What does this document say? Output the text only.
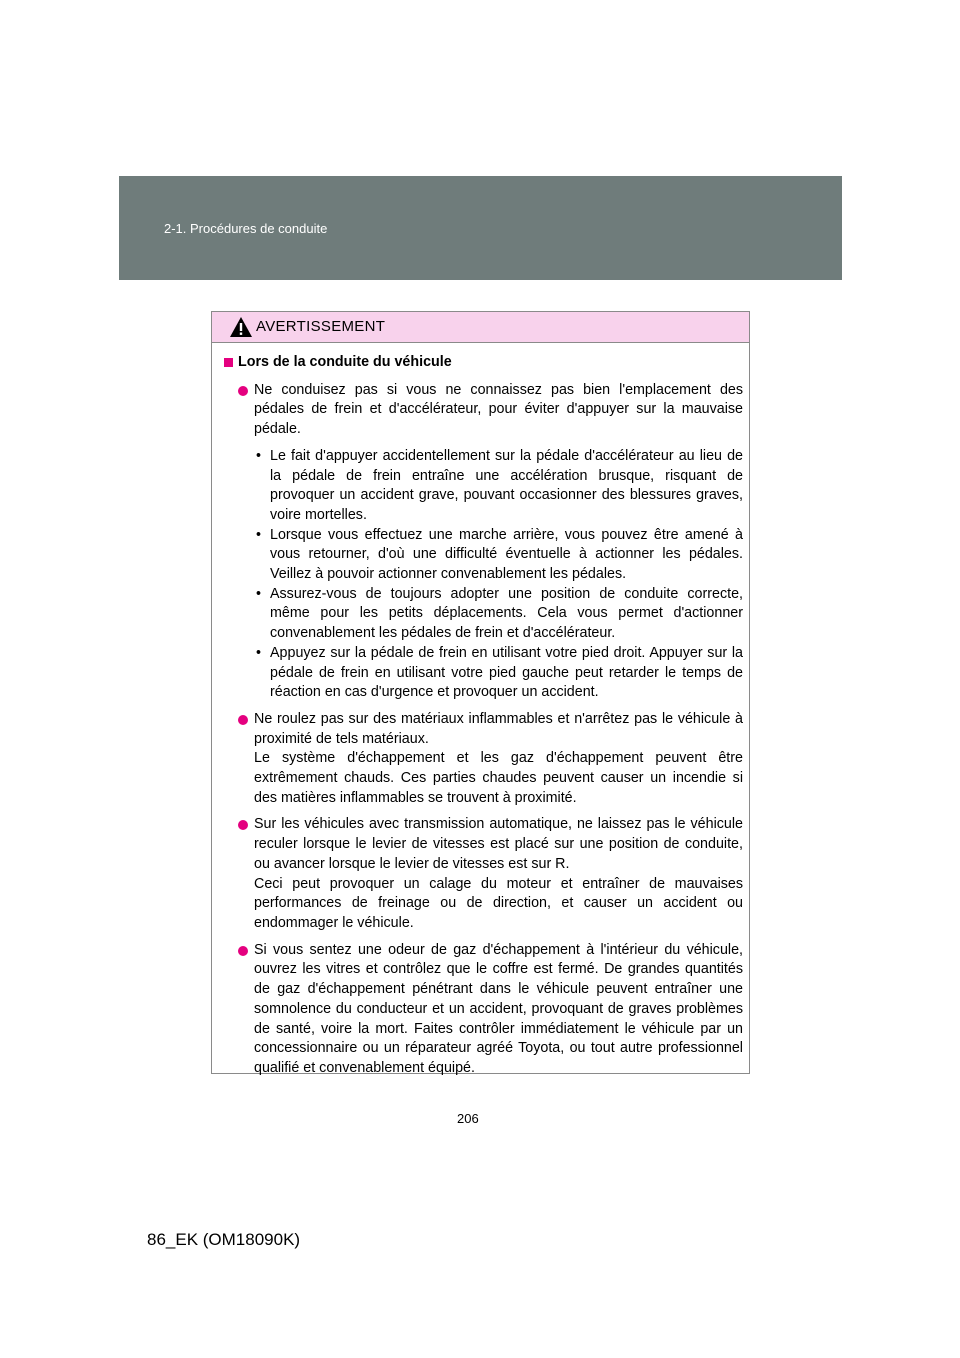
2-1. Procédures de conduite
AVERTISSEMENT
Lors de la conduite du véhicule
Ne conduisez pas si vous ne connaissez pas bien l'emplacement des pédales de frein et d'accélérateur, pour éviter d'appuyer sur la mauvaise pédale.
• Le fait d'appuyer accidentellement sur la pédale d'accélérateur au lieu de la pédale de frein entraîne une accélération brusque, risquant de provoquer un accident grave, pouvant occasionner des blessures graves, voire mortelles.
• Lorsque vous effectuez une marche arrière, vous pouvez être amené à vous retourner, d'où une difficulté éventuelle à actionner les pédales. Veillez à pouvoir actionner convenablement les pédales.
• Assurez-vous de toujours adopter une position de conduite correcte, même pour les petits déplacements. Cela vous permet d'actionner convenablement les pédales de frein et d'accélérateur.
• Appuyez sur la pédale de frein en utilisant votre pied droit. Appuyer sur la pédale de frein en utilisant votre pied gauche peut retarder le temps de réaction en cas d'urgence et provoquer un accident.
Ne roulez pas sur des matériaux inflammables et n'arrêtez pas le véhicule à proximité de tels matériaux.
Le système d'échappement et les gaz d'échappement peuvent être extrêmement chauds. Ces parties chaudes peuvent causer un incendie si des matières inflammables se trouvent à proximité.
Sur les véhicules avec transmission automatique, ne laissez pas le véhicule reculer lorsque le levier de vitesses est placé sur une position de conduite, ou avancer lorsque le levier de vitesses est sur R.
Ceci peut provoquer un calage du moteur et entraîner de mauvaises performances de freinage ou de direction, et causer un accident ou endommager le véhicule.
Si vous sentez une odeur de gaz d'échappement à l'intérieur du véhicule, ouvrez les vitres et contrôlez que le coffre est fermé. De grandes quantités de gaz d'échappement pénétrant dans le véhicule peuvent entraîner une somnolence du conducteur et un accident, provoquant de graves problèmes de santé, voire la mort. Faites contrôler immédiatement le véhicule par un concessionnaire ou un réparateur agréé Toyota, ou tout autre professionnel qualifié et convenablement équipé.
206
86_EK (OM18090K)
